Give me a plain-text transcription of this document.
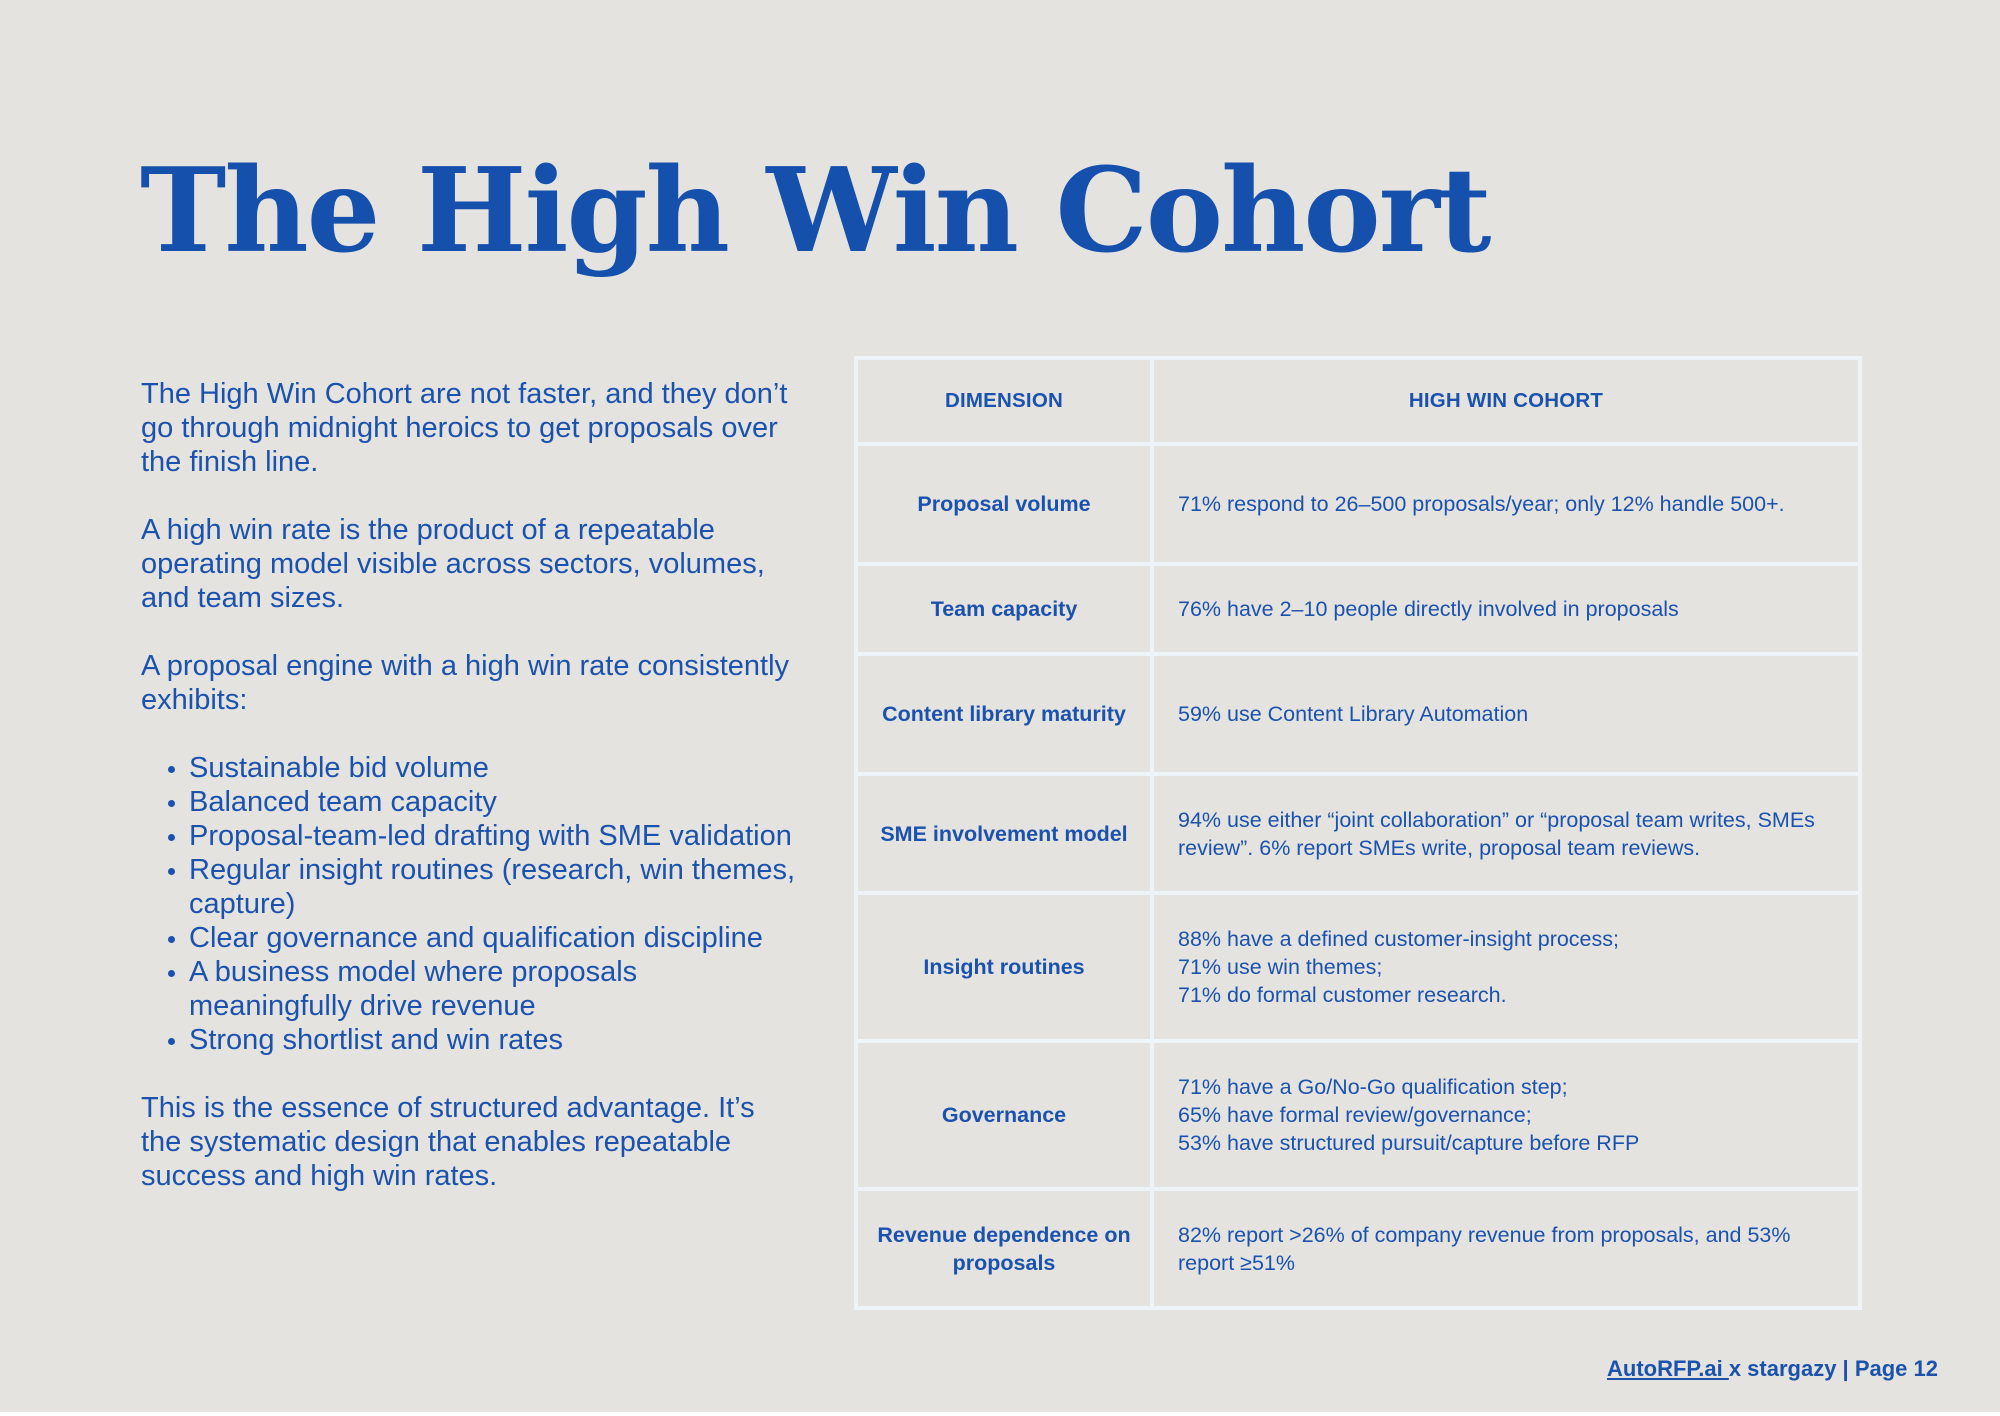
The High Win Cohort

The High Win Cohort are not faster, and they don’t go through midnight heroics to get proposals over the finish line.

A high win rate is the product of a repeatable operating model visible across sectors, volumes, and team sizes.

A proposal engine with a high win rate consistently exhibits:

• Sustainable bid volume
• Balanced team capacity
• Proposal-team-led drafting with SME validation
• Regular insight routines (research, win themes, capture)
• Clear governance and qualification discipline
• A business model where proposals meaningfully drive revenue
• Strong shortlist and win rates

This is the essence of structured advantage. It’s the systematic design that enables repeatable success and high win rates.

DIMENSION	HIGH WIN COHORT
Proposal volume	71% respond to 26–500 proposals/year; only 12% handle 500+.
Team capacity	76% have 2–10 people directly involved in proposals
Content library maturity	59% use Content Library Automation
SME involvement model	94% use either “joint collaboration” or “proposal team writes, SMEs review”. 6% report SMEs write, proposal team reviews.
Insight routines	88% have a defined customer-insight process;
71% use win themes;
71% do formal customer research.

Governance	71% have a Go/No-Go qualification step;
65% have formal review/governance;
53% have structured pursuit/capture before RFP

Revenue dependence on proposals	82% report >26% of company revenue from proposals, and 53% report ≥51%
AutoRFP.ai x stargazy | Page 12
